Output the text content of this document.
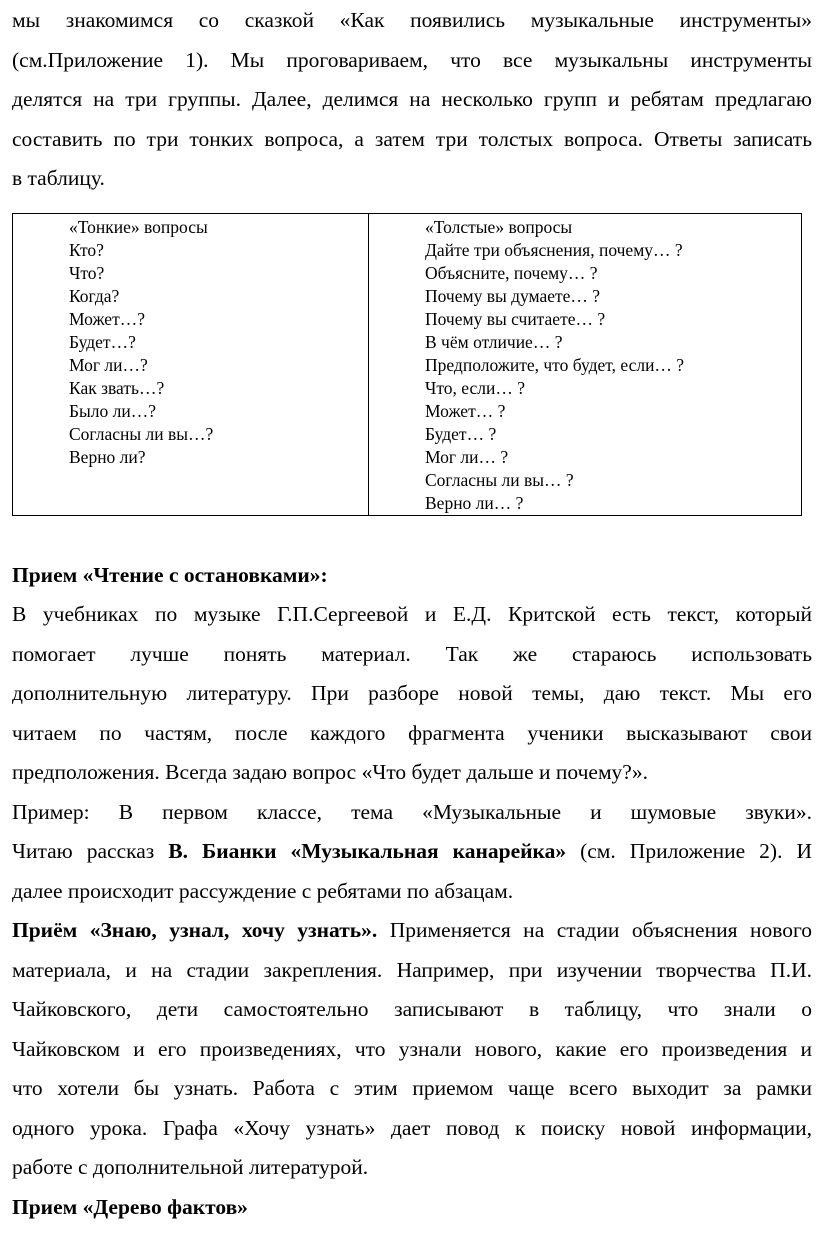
мы знакомимся со сказкой «Как появились музыкальные инструменты»
(см.Приложение 1). Мы проговариваем, что все музыкальны инструменты
делятся на три группы. Далее, делимся на несколько групп и ребятам предлагаю
составить по три тонких вопроса, а затем три толстых вопроса. Ответы записать
в таблицу.
«Тонкие» вопросы
Кто?
Что?
Когда?
Может…?
Будет…?
Мог ли…?
Как звать…?
Было ли…?
Согласны ли вы…?
Верно ли?

«Толстые» вопросы
Дайте три объяснения, почему… ?
Объясните, почему… ?
Почему вы думаете… ?
Почему вы считаете… ?
В чём отличие… ?
Предположите, что будет, если… ?
Что, если… ?
Может… ?
Будет… ?
Мог ли… ?
Согласны ли вы… ?
Верно ли… ?
Прием «Чтение с остановками»:
В учебниках по музыке Г.П.Сергеевой и Е.Д. Критской есть текст, который
помогает лучше понять материал. Так же стараюсь использовать
дополнительную литературу. При разборе новой темы, даю текст. Мы его
читаем по частям, после каждого фрагмента ученики высказывают свои
предположения. Всегда задаю вопрос «Что будет дальше и почему?».
Пример: В первом классе, тема «Музыкальные и шумовые звуки».
Читаю рассказ В. Бианки «Музыкальная канарейка» (см. Приложение 2). И
далее происходит рассуждение с ребятами по абзацам.
Приём «Знаю, узнал, хочу узнать». Применяется на стадии объяснения нового
материала, и на стадии закрепления. Например, при изучении творчества П.И.
Чайковского, дети самостоятельно записывают в таблицу, что знали о
Чайковском и его произведениях, что узнали нового, какие его произведения и
что хотели бы узнать. Работа с этим приемом чаще всего выходит за рамки
одного урока. Графа «Хочу узнать» дает повод к поиску новой информации,
работе с дополнительной литературой.
Прием «Дерево фактов»
